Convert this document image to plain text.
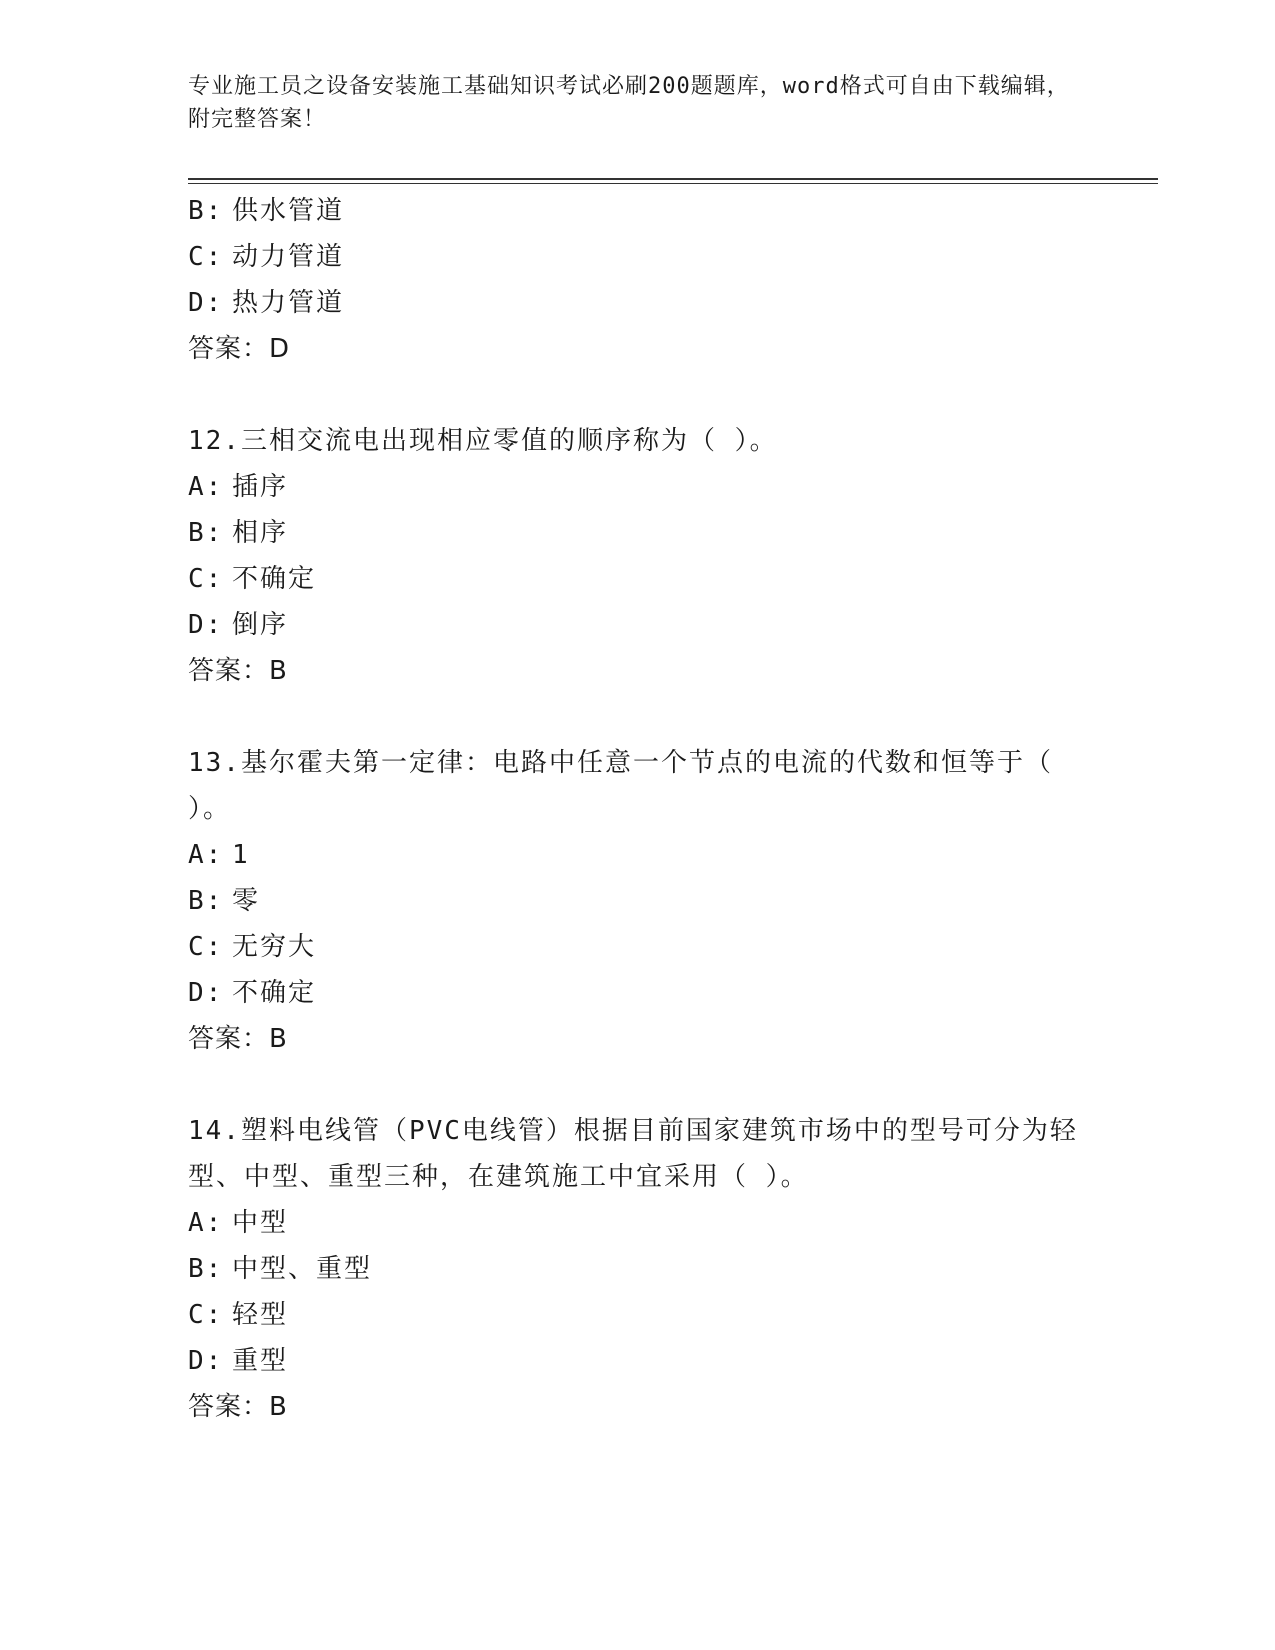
专业施工员之设备安装施工基础知识考试必刷200题题库，word格式可自由下载编辑，附完整答案！
B: 供水管道
C: 动力管道
D: 热力管道
答案：D
12.三相交流电出现相应零值的顺序称为（ ）。
A: 插序
B: 相序
C: 不确定
D: 倒序
答案：B
13.基尔霍夫第一定律：电路中任意一个节点的电流的代数和恒等于（ ）。
A: 1
B: 零
C: 无穷大
D: 不确定
答案：B
14.塑料电线管（PVC电线管）根据目前国家建筑市场中的型号可分为轻型、中型、重型三种，在建筑施工中宜采用（ ）。
A: 中型
B: 中型、重型
C: 轻型
D: 重型
答案：B
